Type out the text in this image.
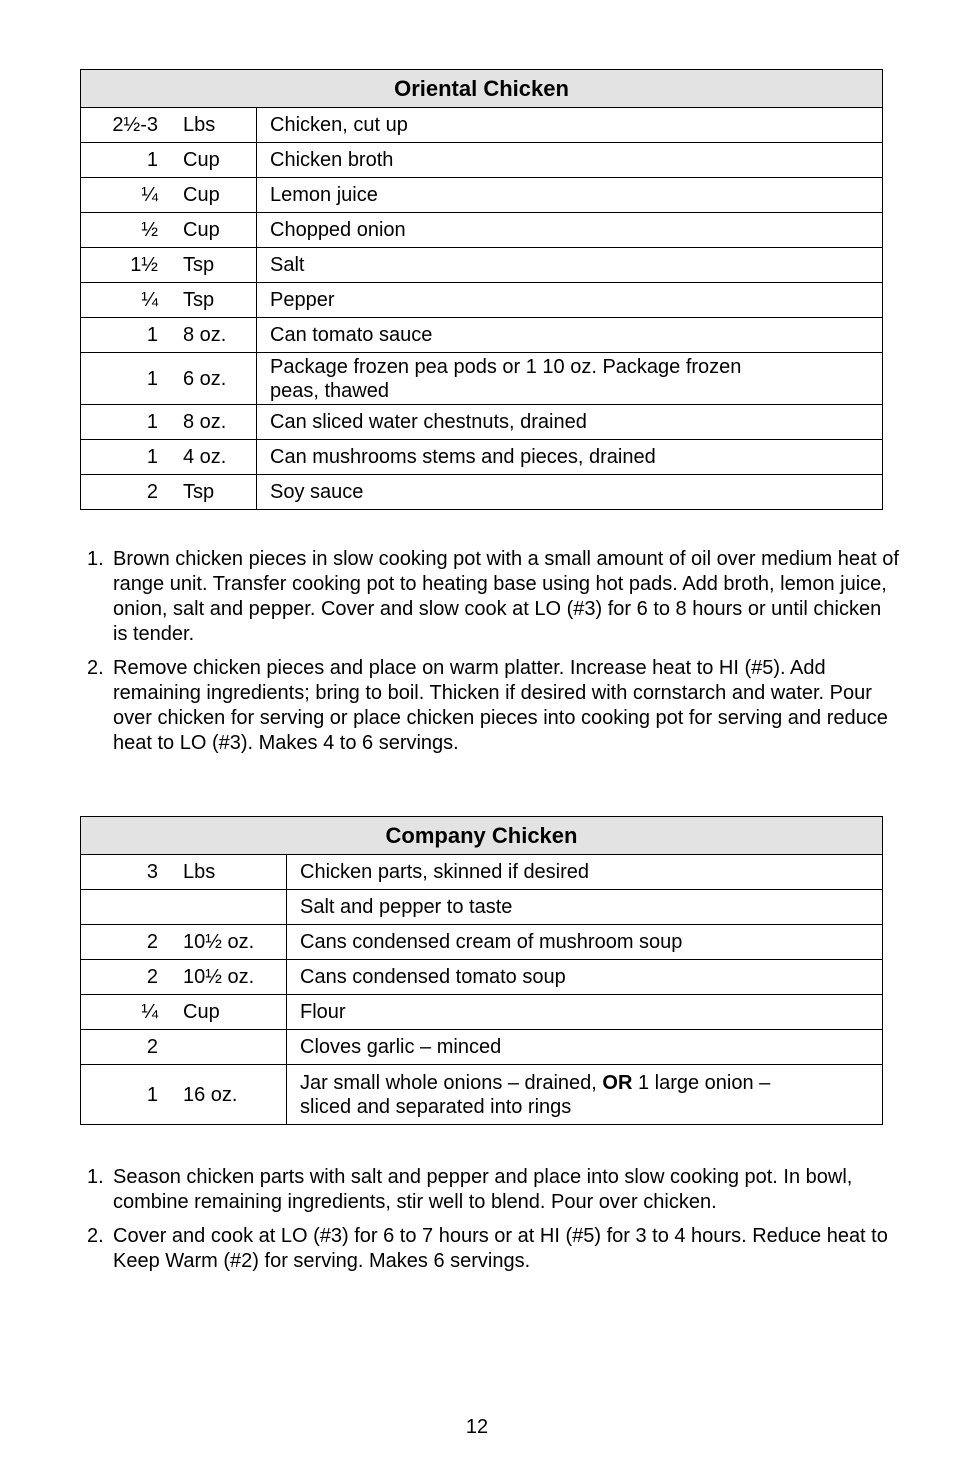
Oriental Chicken	

2½-3 Lbs	Chicken, cut up

1 Cup	Chicken broth

¼ Cup	Lemon juice

½ Cup	Chopped onion

1½ Tsp	Salt

¼ Tsp	Pepper

1 8 oz.	Can tomato sauce

1 6 oz.	Package frozen pea pods or 1 10 oz. Package frozen peas, thawed

1 8 oz.	Can sliced water chestnuts, drained

1 4 oz.	Can mushrooms stems and pieces, drained

2 Tsp	Soy sauce
1. Brown chicken pieces in slow cooking pot with a small amount of oil over medium heat of range unit. Transfer cooking pot to heating base using hot pads. Add broth, lemon juice, onion, salt and pepper. Cover and slow cook at LO (#3) for 6 to 8 hours or until chicken is tender.
2. Remove chicken pieces and place on warm platter. Increase heat to HI (#5). Add remaining ingredients; bring to boil. Thicken if desired with cornstarch and water. Pour over chicken for serving or place chicken pieces into cooking pot for serving and reduce heat to LO (#3). Makes 4 to 6 servings.
Company Chicken	

3 Lbs	Chicken parts, skinned if desired

	Salt and pepper to taste

2 10½ oz.	Cans condensed cream of mushroom soup

2 10½ oz.	Cans condensed tomato soup

¼ Cup	Flour

2	Cloves garlic – minced

1 16 oz.	Jar small whole onions – drained, OR 1 large onion – sliced and separated into rings
1. Season chicken parts with salt and pepper and place into slow cooking pot. In bowl, combine remaining ingredients, stir well to blend. Pour over chicken.
2. Cover and cook at LO (#3) for 6 to 7 hours or at HI (#5) for 3 to 4 hours. Reduce heat to Keep Warm (#2) for serving. Makes 6 servings.
12
